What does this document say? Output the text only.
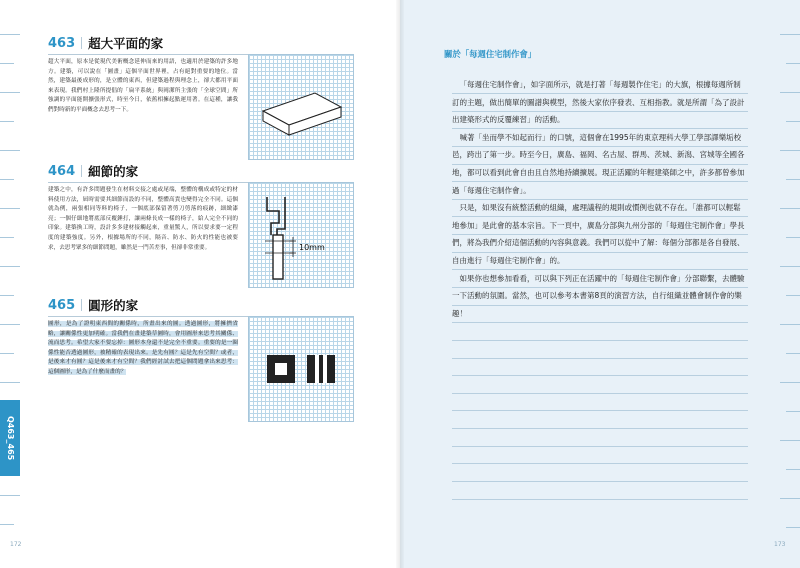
463 超大平面的家
超大平面，原本是從現代美術概念延伸而來的用語，也適用於建築的許多地方。建築，可以說在「圖畫」這個平面世界裡，占有絕對重要的地位。當然，建築最後成形的，是立體的東西，但建築過程與理念上，卻大都用平面來表現。我們村上隆所提倡的「扁平系統」與岡潔所主張的「全球空間」所強調的平面能開擴張形式，時至今日，依舊相擁起點運用著。在這種，讓我們對時新的平面概念去思考一下。
464 細節的家
建築之中，有許多問題發生在材料交接之處或尾端，整體的構成或特定的材料使用方法，屆時需要其細節而設的不同，整體高貴也變得完全不同。這個就為例，兩張相同等料的椅子，一個底部保留著剪刀剪落的痕跡，細緻漆亮；一個仔細地將底部反覆錘打，讓兩條長成一樣的椅子，給人完全不同的印象。建築換工時，設計多多建材接觸起來，重量驚人，所以要求要一定程度的建築強度。另外，根據場所的不同，隔音、防水、防火的性能也被要求，去思考眾多的細節問題，雖然是一門苦差事，但卻非常重要。	10mm
465 圓形的家
圖形，是為了證明東西間的關係時，所畫出來的圖。透過圖形，將擁擠省略，讓關係性更加明確。當我們在畫建築草圖時，會用圖形來思考其關係、流而思考。希望大家不要忘掉：圖形本身還不是完全不重要。重要的是一圈係性能否透過圖形，被精確的表現出來。是先有圓？這是先有空間？或者，是後來才有圓？這是後來才有空間？我們經討試去把這個問題拿出來思考：這個圖形，是為了什麼而畫的？
Q463_465
172
關於「每週住宅制作會」

「每週住宅制作會」，如字面所示，就是打著「每週製作住宅」的大旗，根據每週所制訂的主題，做出簡單的圖譜與模型，然後大家依序發表、互相指教。就是所謂「為了設計出建築形式的反覆練習」的活動。

喊著「坐而學不如起而行」的口號，這個會在1995年的東京理科大學工學部譯樂垢校邑，跨出了第一步。時至今日，廣島、福岡、名古屋、群馬、茨城、新潟、宮城等全國各地，都可以看到此會自由且自然地持續擴展。現正活躍的年輕建築師之中，許多都曾參加過「每週住宅制作會」。

只是，如果沒有統整活動的組織，處理議程的規則或慣例也就不存在。「誰都可以輕鬆地參加」是此會的基本宗旨。下一頁中，廣島分部與九州分部的「每週住宅制作會」學長們，將為我們介紹這個活動的內容與意義。我們可以從中了解：每個分部都是各自發展、自由進行「每週住宅制作會」的。

如果你也想參加看看，可以與下列正在活躍中的「每週住宅制作會」分部聯繫，去體驗一下活動的氛圍。當然，也可以參考本書第8頁的演習方法，自行組織並體會制作會的樂趣！

173
